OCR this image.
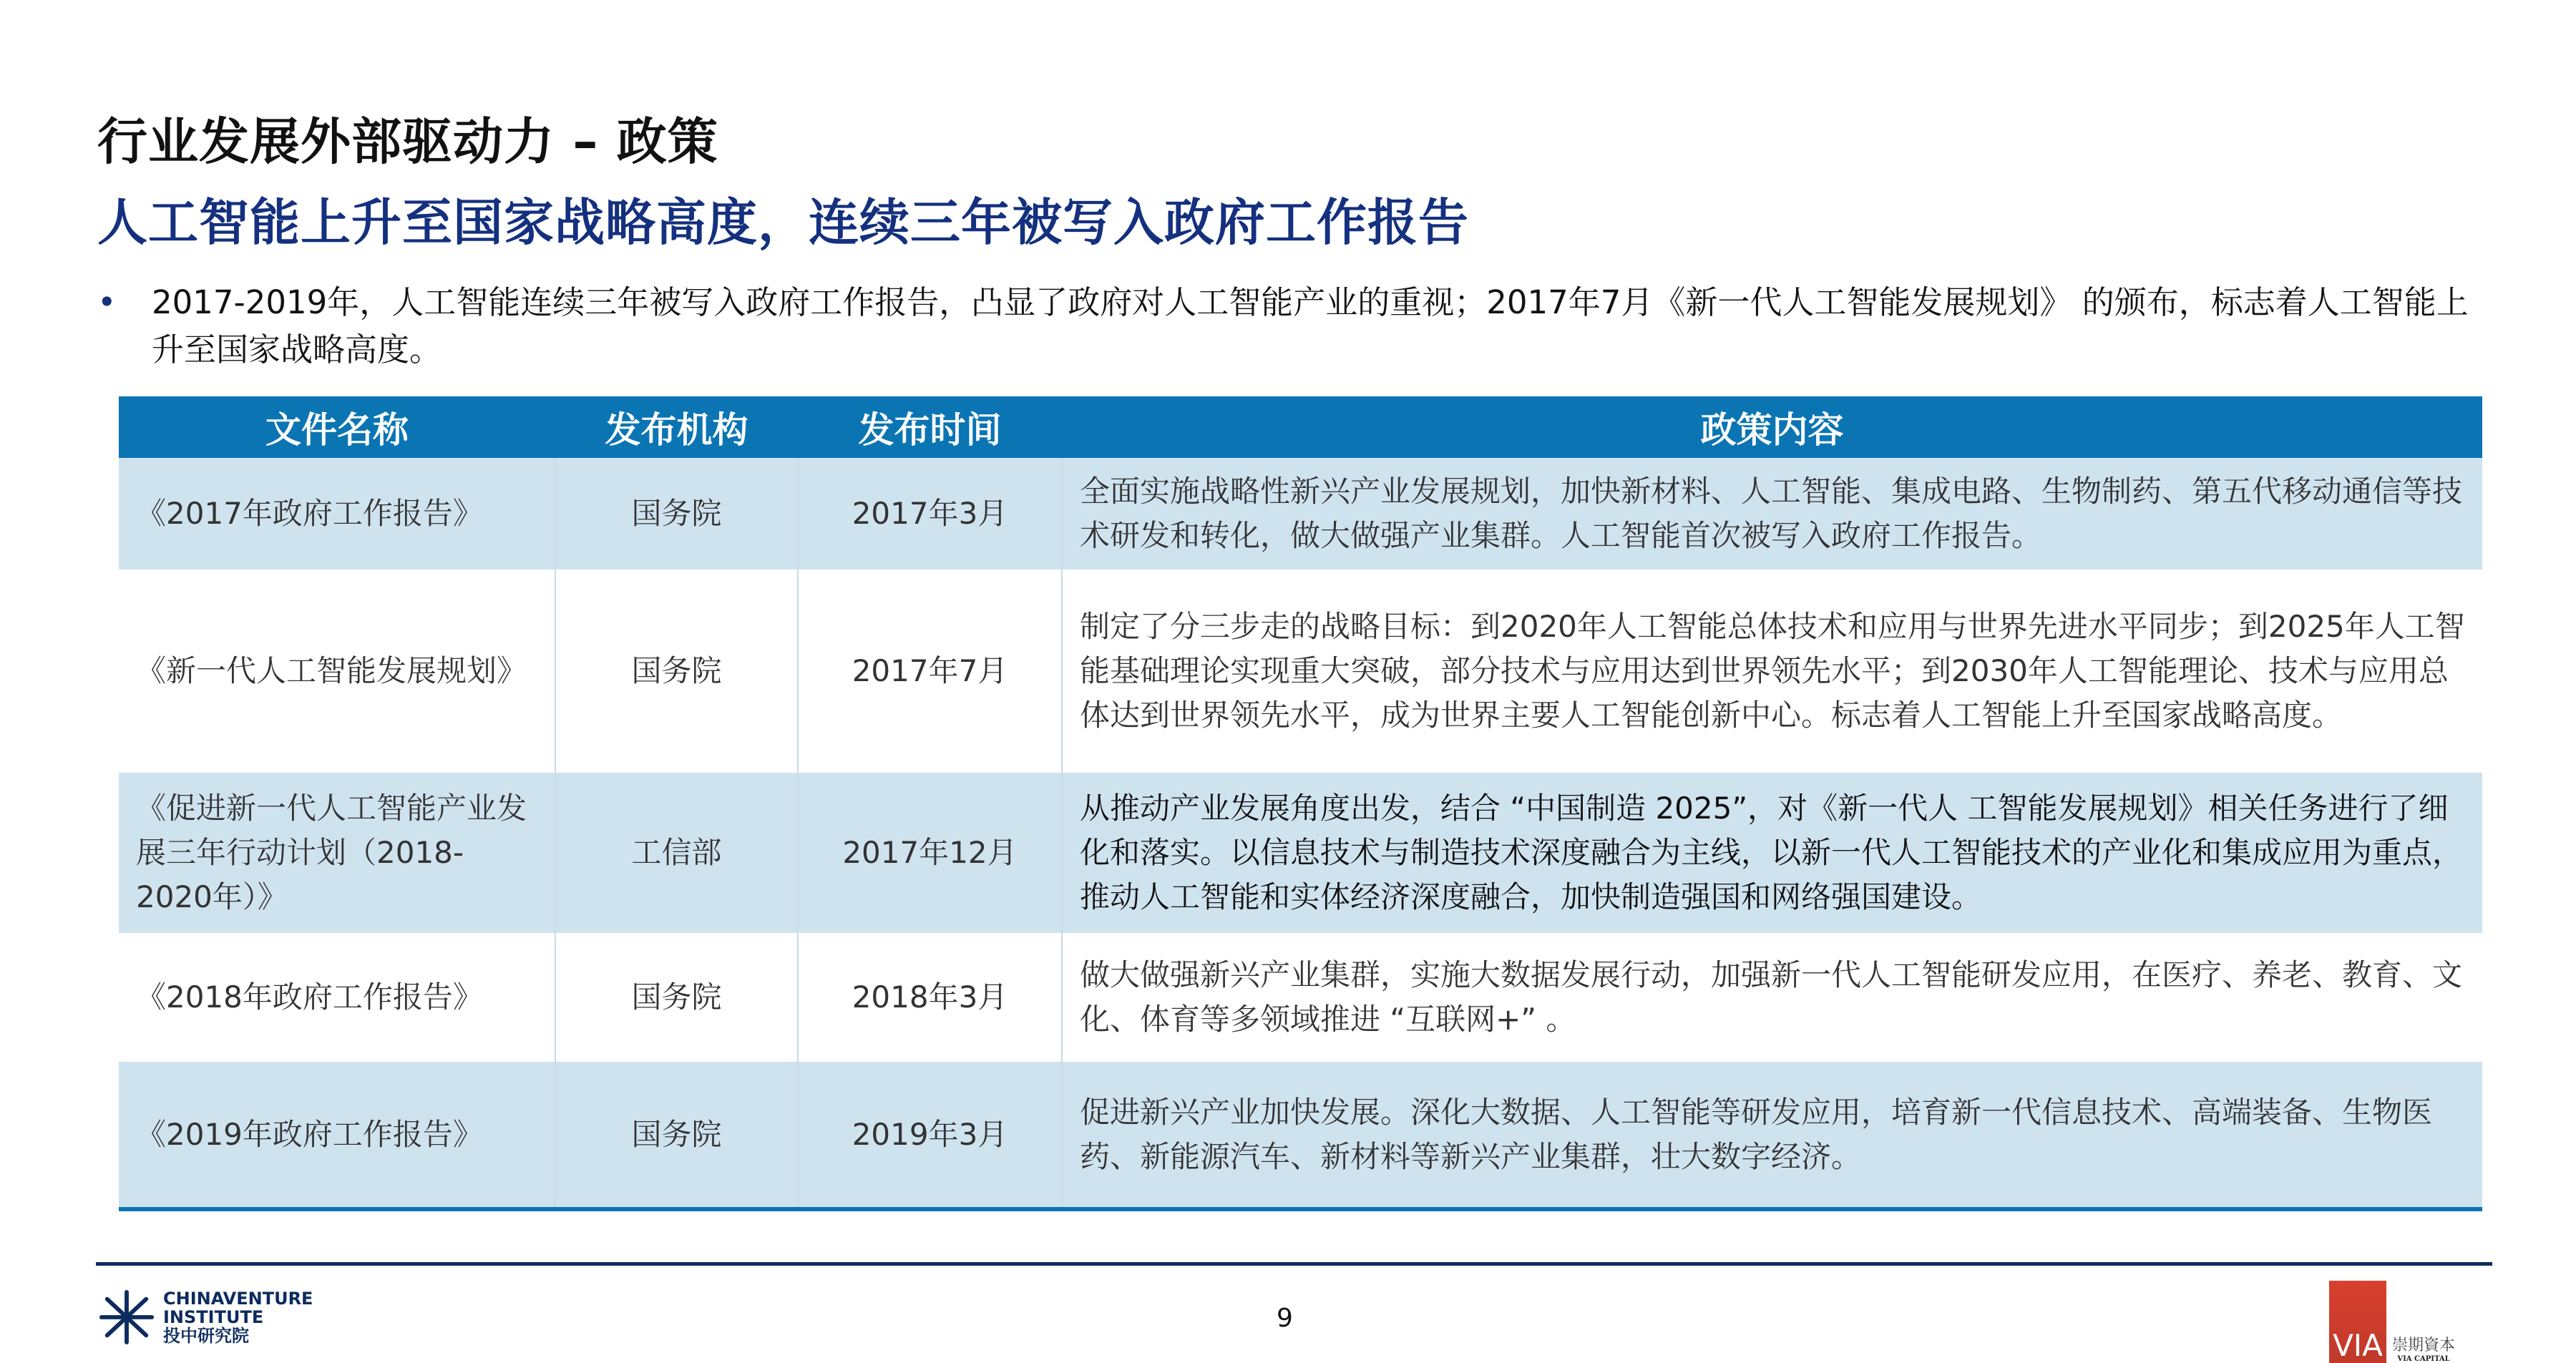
行业发展外部驱动力 – 政策
人工智能上升至国家战略高度，连续三年被写入政府工作报告
• 2017-2019年，人工智能连续三年被写入政府工作报告，凸显了政府对人工智能产业的重视；2017年7月《新一代人工智能发展规划》 的颁布，标志着人工智能上升至国家战略高度。
文件名称	发布机构	发布时间	政策内容
《2017年政府工作报告》	国务院	2017年3月	全面实施战略性新兴产业发展规划，加快新材料、人工智能、集成电路、生物制药、第五代移动通信等技术研发和转化，做大做强产业集群。人工智能首次被写入政府工作报告。
《新一代人工智能发展规划》	国务院	2017年7月	制定了分三步走的战略目标：到2020年人工智能总体技术和应用与世界先进水平同步；到2025年人工智能基础理论实现重大突破，部分技术与应用达到世界领先水平；到2030年人工智能理论、技术与应用总体达到世界领先水平，成为世界主要人工智能创新中心。标志着人工智能上升至国家战略高度。
《促进新一代人工智能产业发展三年行动计划（2018-2020年）》	工信部	2017年12月	从推动产业发展角度出发，结合 “中国制造 2025”，对《新一代人 工智能发展规划》相关任务进行了细化和落实。以信息技术与制造技术深度融合为主线，以新一代人工智能技术的产业化和集成应用为重点，推动人工智能和实体经济深度融合，加快制造强国和网络强国建设。
《2018年政府工作报告》	国务院	2018年3月	做大做强新兴产业集群，实施大数据发展行动，加强新一代人工智能研发应用，在医疗、养老、教育、文化、体育等多领域推进 “互联网+” 。
《2019年政府工作报告》	国务院	2019年3月	促进新兴产业加快发展。深化大数据、人工智能等研发应用，培育新一代信息技术、高端装备、生物医药、新能源汽车、新材料等新兴产业集群，壮大数字经济。
CHINAVENTURE
INSTITUTE
投中研究院
9
VIA 崇期資本
VIA CAPITAL
